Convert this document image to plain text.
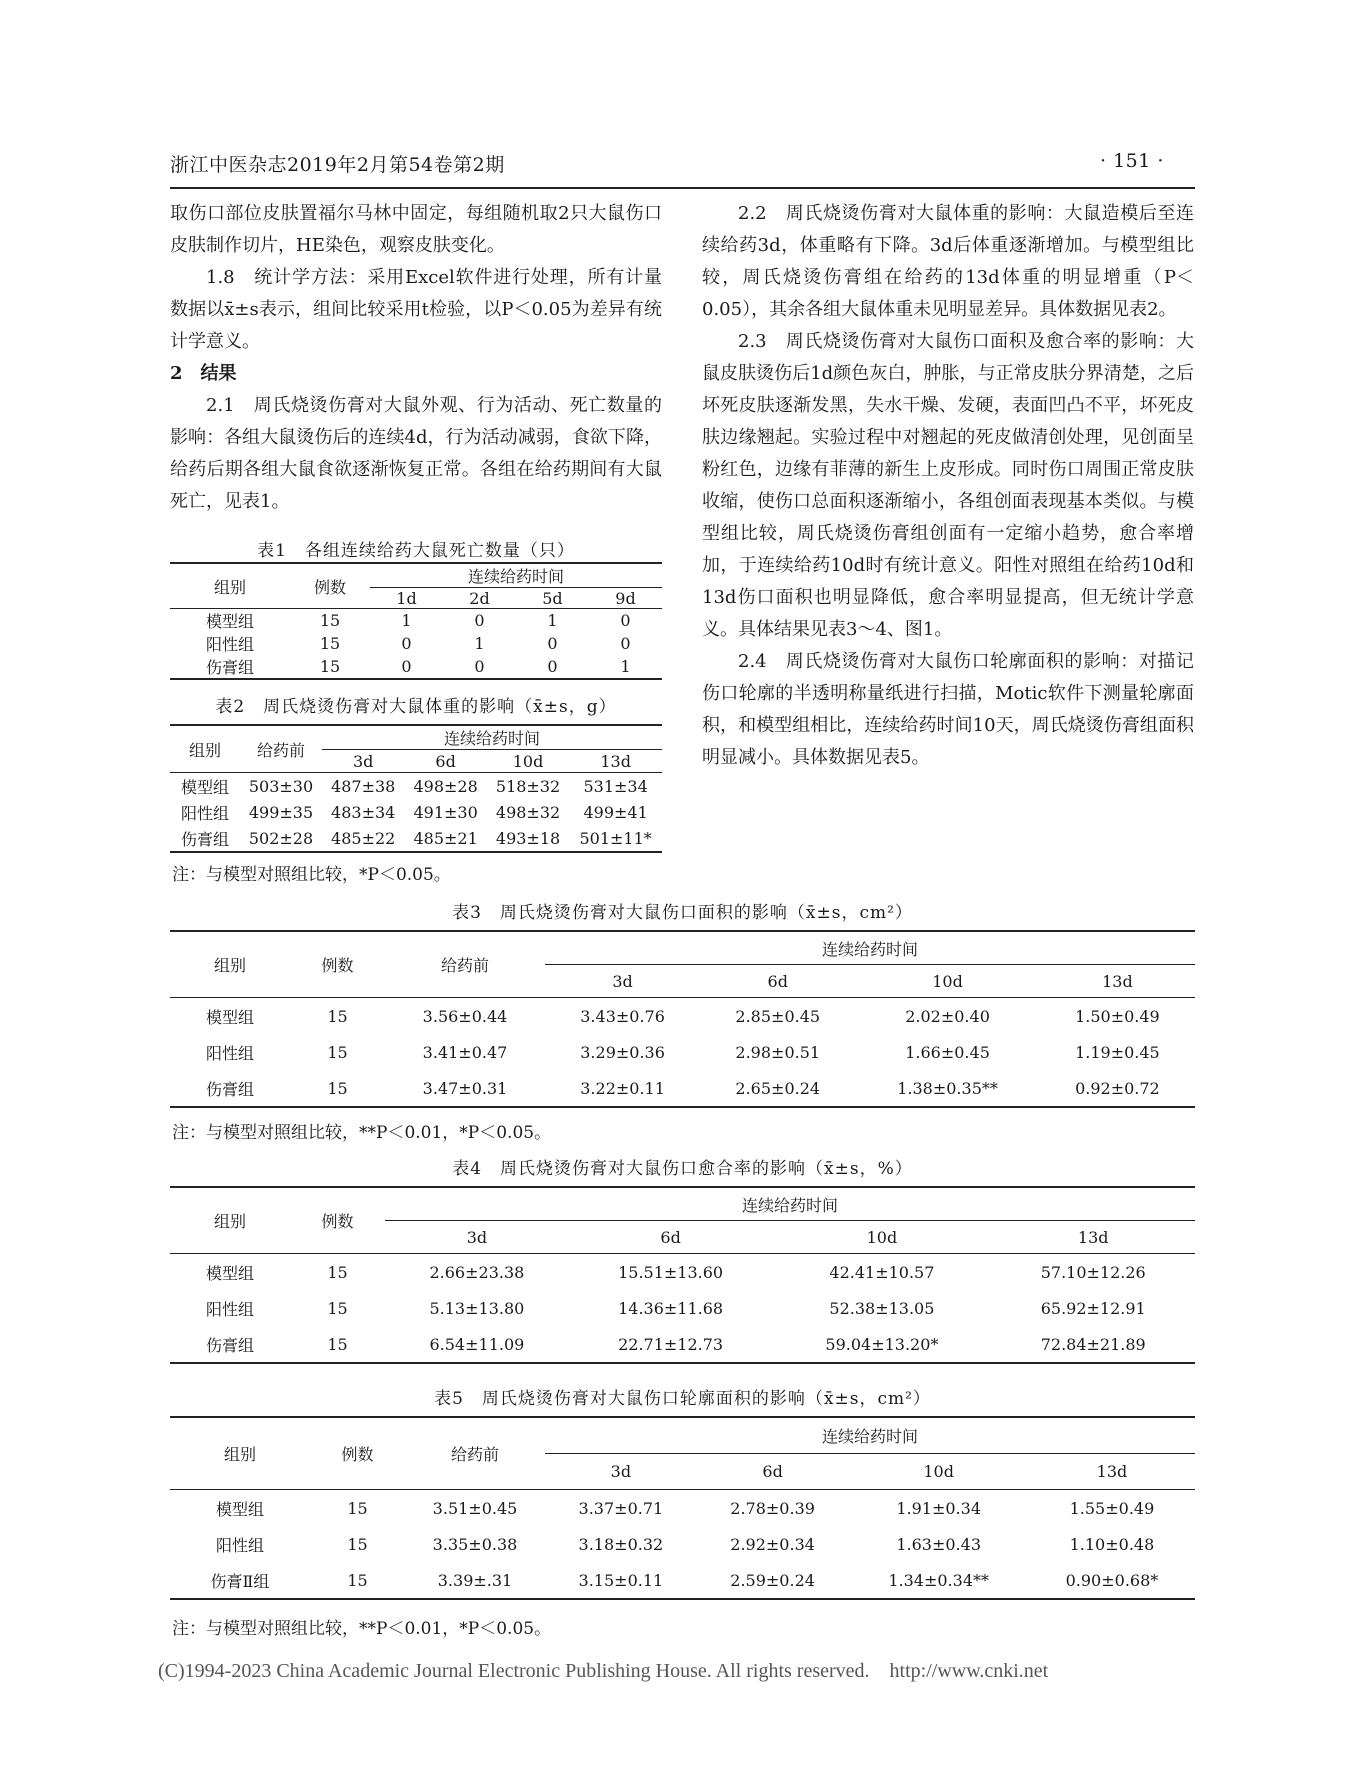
浙江中医杂志2019年2月第54卷第2期	· 151 ·

取伤口部位皮肤置福尔马林中固定，每组随机取2只大鼠伤口皮肤制作切片，HE染色，观察皮肤变化。

1.8　统计学方法：采用Excel软件进行处理，所有计量数据以x̄±s表示，组间比较采用t检验，以P＜0.05为差异有统计学意义。

2　结果

2.1　周氏烧烫伤膏对大鼠外观、行为活动、死亡数量的影响：各组大鼠烫伤后的连续4d，行为活动减弱，食欲下降，给药后期各组大鼠食欲逐渐恢复正常。各组在给药期间有大鼠死亡，见表1。

表1　各组连续给药大鼠死亡数量（只）
组别	例数	连续给药时间			
		1d	2d	5d	9d
模型组	15	1	0	1	0
阳性组	15	0	1	0	0
伤膏组	15	0	0	0	1
表2　周氏烧烫伤膏对大鼠体重的影响（x̄±s，g）
组别	给药前	连续给药时间			
		3d	6d	10d	13d
模型组	503±30	487±38	498±28	518±32	531±34
阳性组	499±35	483±34	491±30	498±32	499±41
伤膏组	502±28	485±22	485±21	493±18	501±11*
注：与模型对照组比较，*P＜0.05。

2.2　周氏烧烫伤膏对大鼠体重的影响：大鼠造模后至连续给药3d，体重略有下降。3d后体重逐渐增加。与模型组比较，周氏烧烫伤膏组在给药的13d体重的明显增重（P＜0.05），其余各组大鼠体重未见明显差异。具体数据见表2。

2.3　周氏烧烫伤膏对大鼠伤口面积及愈合率的影响：大鼠皮肤烫伤后1d颜色灰白，肿胀，与正常皮肤分界清楚，之后坏死皮肤逐渐发黑，失水干燥、发硬，表面凹凸不平，坏死皮肤边缘翘起。实验过程中对翘起的死皮做清创处理，见创面呈粉红色，边缘有菲薄的新生上皮形成。同时伤口周围正常皮肤收缩，使伤口总面积逐渐缩小，各组创面表现基本类似。与模型组比较，周氏烧烫伤膏组创面有一定缩小趋势，愈合率增加，于连续给药10d时有统计意义。阳性对照组在给药10d和13d伤口面积也明显降低，愈合率明显提高，但无统计学意义。具体结果见表3～4、图1。

2.4　周氏烧烫伤膏对大鼠伤口轮廓面积的影响：对描记伤口轮廓的半透明称量纸进行扫描，Motic软件下测量轮廓面积，和模型组相比，连续给药时间10天，周氏烧烫伤膏组面积明显减小。具体数据见表5。

表3　周氏烧烫伤膏对大鼠伤口面积的影响（x̄±s，cm²）
组别	例数	给药前	连续给药时间			
			3d	6d	10d	13d
模型组	15	3.56±0.44	3.43±0.76	2.85±0.45	2.02±0.40	1.50±0.49
阳性组	15	3.41±0.47	3.29±0.36	2.98±0.51	1.66±0.45	1.19±0.45
伤膏组	15	3.47±0.31	3.22±0.11	2.65±0.24	1.38±0.35**	0.92±0.72
注：与模型对照组比较，**P＜0.01，*P＜0.05。
表4　周氏烧烫伤膏对大鼠伤口愈合率的影响（x̄±s，%）
组别	例数	连续给药时间			
		3d	6d	10d	13d
模型组	15	2.66±23.38	15.51±13.60	42.41±10.57	57.10±12.26
阳性组	15	5.13±13.80	14.36±11.68	52.38±13.05	65.92±12.91
伤膏组	15	6.54±11.09	22.71±12.73	59.04±13.20*	72.84±21.89
表5　周氏烧烫伤膏对大鼠伤口轮廓面积的影响（x̄±s，cm²）
组别	例数	给药前	连续给药时间			
			3d	6d	10d	13d
模型组	15	3.51±0.45	3.37±0.71	2.78±0.39	1.91±0.34	1.55±0.49
阳性组	15	3.35±0.38	3.18±0.32	2.92±0.34	1.63±0.43	1.10±0.48
伤膏Ⅱ组	15	3.39±.31	3.15±0.11	2.59±0.24	1.34±0.34**	0.90±0.68*
注：与模型对照组比较，**P＜0.01，*P＜0.05。
(C)1994-2023 China Academic Journal Electronic Publishing House. All rights reserved.    http://www.cnki.net
